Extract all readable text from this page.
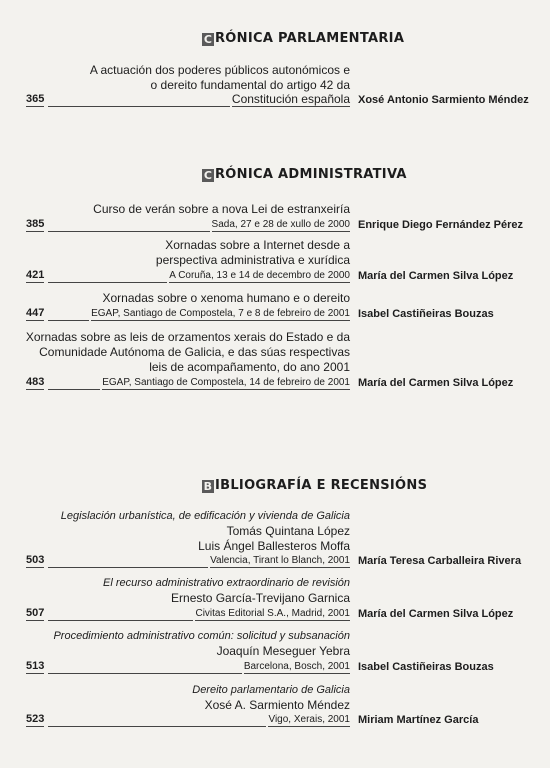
C RÓNICA PARLAMENTARIA
A actuación dos poderes públicos autonómicos e
o dereito fundamental do artigo 42 da
365	Constitución española Xosé Antonio Sarmiento Méndez
C RÓNICA ADMINISTRATIVA
Curso de verán sobre a nova Lei de estranxeiría
385	Sada, 27 e 28 de xullo de 2000 Enrique Diego Fernández Pérez
Xornadas sobre a Internet desde a
perspectiva administrativa e xurídica
421	A Coruña, 13 e 14 de decembro de 2000 María del Carmen Silva López
Xornadas sobre o xenoma humano e o dereito
447	EGAP, Santiago de Compostela, 7 e 8 de febreiro de 2001 Isabel Castiñeiras Bouzas
Xornadas sobre as leis de orzamentos xerais do Estado e da
Comunidade Autónoma de Galicia, e das súas respectivas
leis de acompañamento, do ano 2001
483	EGAP, Santiago de Compostela, 14 de febreiro de 2001 María del Carmen Silva López
B IBLIOGRAFÍA E RECENSIÓNS
Legislación urbanística, de edificación y vivienda de Galicia
Tomás Quintana López
Luis Ángel Ballesteros Moffa
503	Valencia, Tirant lo Blanch, 2001 María Teresa Carballeira Rivera
El recurso administrativo extraordinario de revisión
Ernesto García-Trevijano Garnica
507	Civitas Editorial S.A., Madrid, 2001 María del Carmen Silva López
Procedimiento administrativo común: solicitud y subsanación
Joaquín Meseguer Yebra
513	Barcelona, Bosch, 2001 Isabel Castiñeiras Bouzas
Dereito parlamentario de Galicia
Xosé A. Sarmiento Méndez
523	Vigo, Xerais, 2001 Miriam Martínez García
